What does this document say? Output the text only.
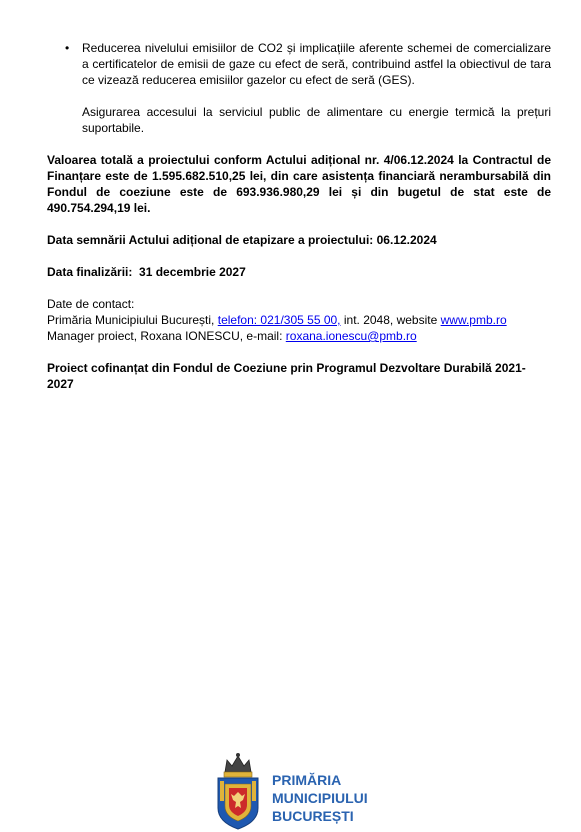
• Reducerea nivelului emisiilor de CO2 și implicațiile aferente schemei de comercializare a certificatelor de emisii de gaze cu efect de seră, contribuind astfel la obiectivul de tara ce vizează reducerea emisiilor gazelor cu efect de seră (GES).
Asigurarea accesului la serviciul public de alimentare cu energie termică la prețuri suportabile.
Valoarea totală a proiectului conform Actului adițional nr. 4/06.12.2024 la Contractul de Finanțare este de 1.595.682.510,25 lei, din care asistența financiară nerambursabilă din Fondul de coeziune este de 693.936.980,29 lei și din bugetul de stat este de 490.754.294,19 lei.
Data semnării Actului adițional de etapizare a proiectului: 06.12.2024
Data finalizării: 31 decembrie 2027
Date de contact:
Primăria Municipiului București, telefon: 021/305 55 00, int. 2048, website www.pmb.ro
Manager proiect, Roxana IONESCU, e-mail: roxana.ionescu@pmb.ro
Proiect cofinanțat din Fondul de Coeziune prin Programul Dezvoltare Durabilă 2021-2027
PRIMĂRIA
MUNICIPIULUI
BUCUREȘTI
